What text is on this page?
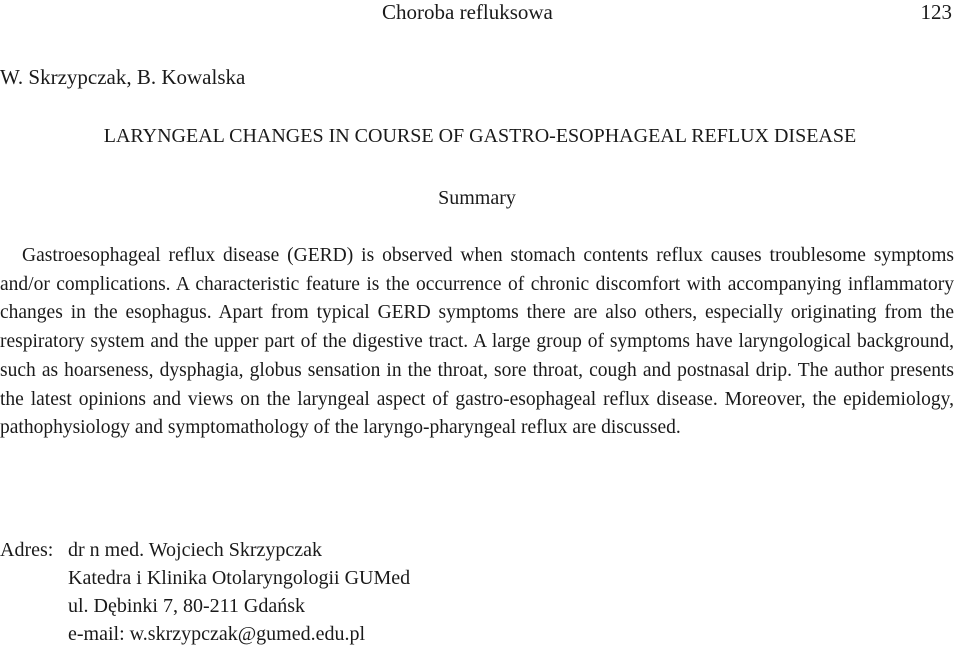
Choroba refluksowa	123
W. Skrzypczak, B. Kowalska
LARYNGEAL CHANGES IN COURSE OF GASTRO-ESOPHAGEAL REFLUX DISEASE
Summary

Gastroesophageal reflux disease (GERD) is observed when stomach contents reflux causes troublesome symptoms and/or complications. A characteristic feature is the occurrence of chronic discomfort with accompanying inflammatory changes in the esophagus. Apart from typical GERD symptoms there are also others, especially originating from the respiratory system and the upper part of the digestive tract. A large group of symptoms have laryngological background, such as hoarseness, dysphagia, globus sensation in the throat, sore throat, cough and postnasal drip. The author presents the latest opinions and views on the laryngeal aspect of gastro-esophageal reflux disease. Moreover, the epidemiology, pathophysiology and symptomathology of the laryngo-pharyngeal reflux are discussed.

Adres: dr n med. Wojciech Skrzypczak
Katedra i Klinika Otolaryngologii GUMed
ul. Dębinki 7, 80-211 Gdańsk
e-mail: w.skrzypczak@gumed.edu.pl
